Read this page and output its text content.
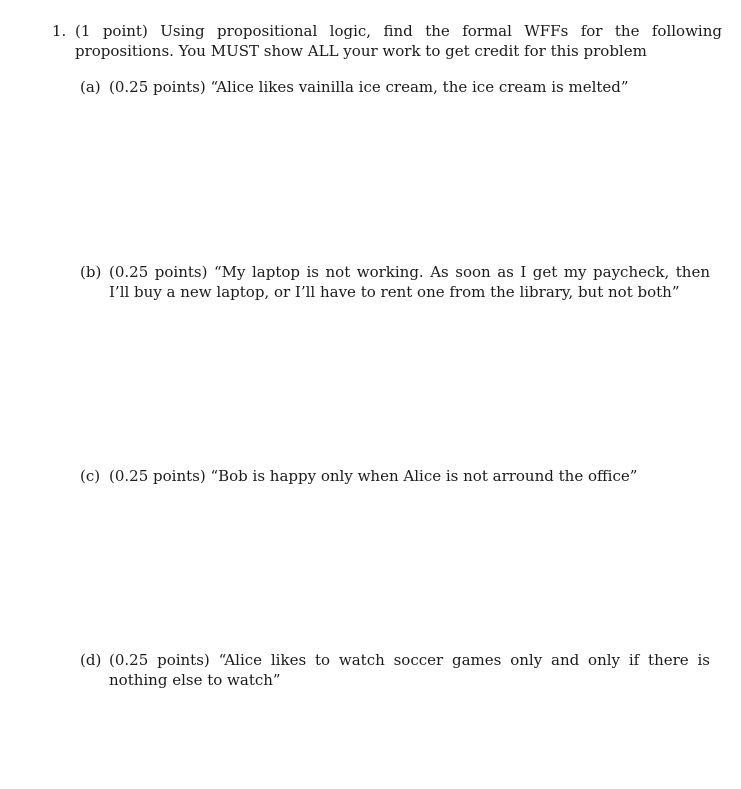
1. (1 point) Using propositional logic, find the formal WFFs for the following propositions. You MUST show ALL your work to get credit for this problem
(a) (0.25 points) “Alice likes vainilla ice cream, the ice cream is melted”
(b) (0.25 points) “My laptop is not working. As soon as I get my paycheck, then I’ll buy a new laptop, or I’ll have to rent one from the library, but not both”
(c) (0.25 points) “Bob is happy only when Alice is not arround the office”
(d) (0.25 points) “Alice likes to watch soccer games only and only if there is nothing else to watch”
